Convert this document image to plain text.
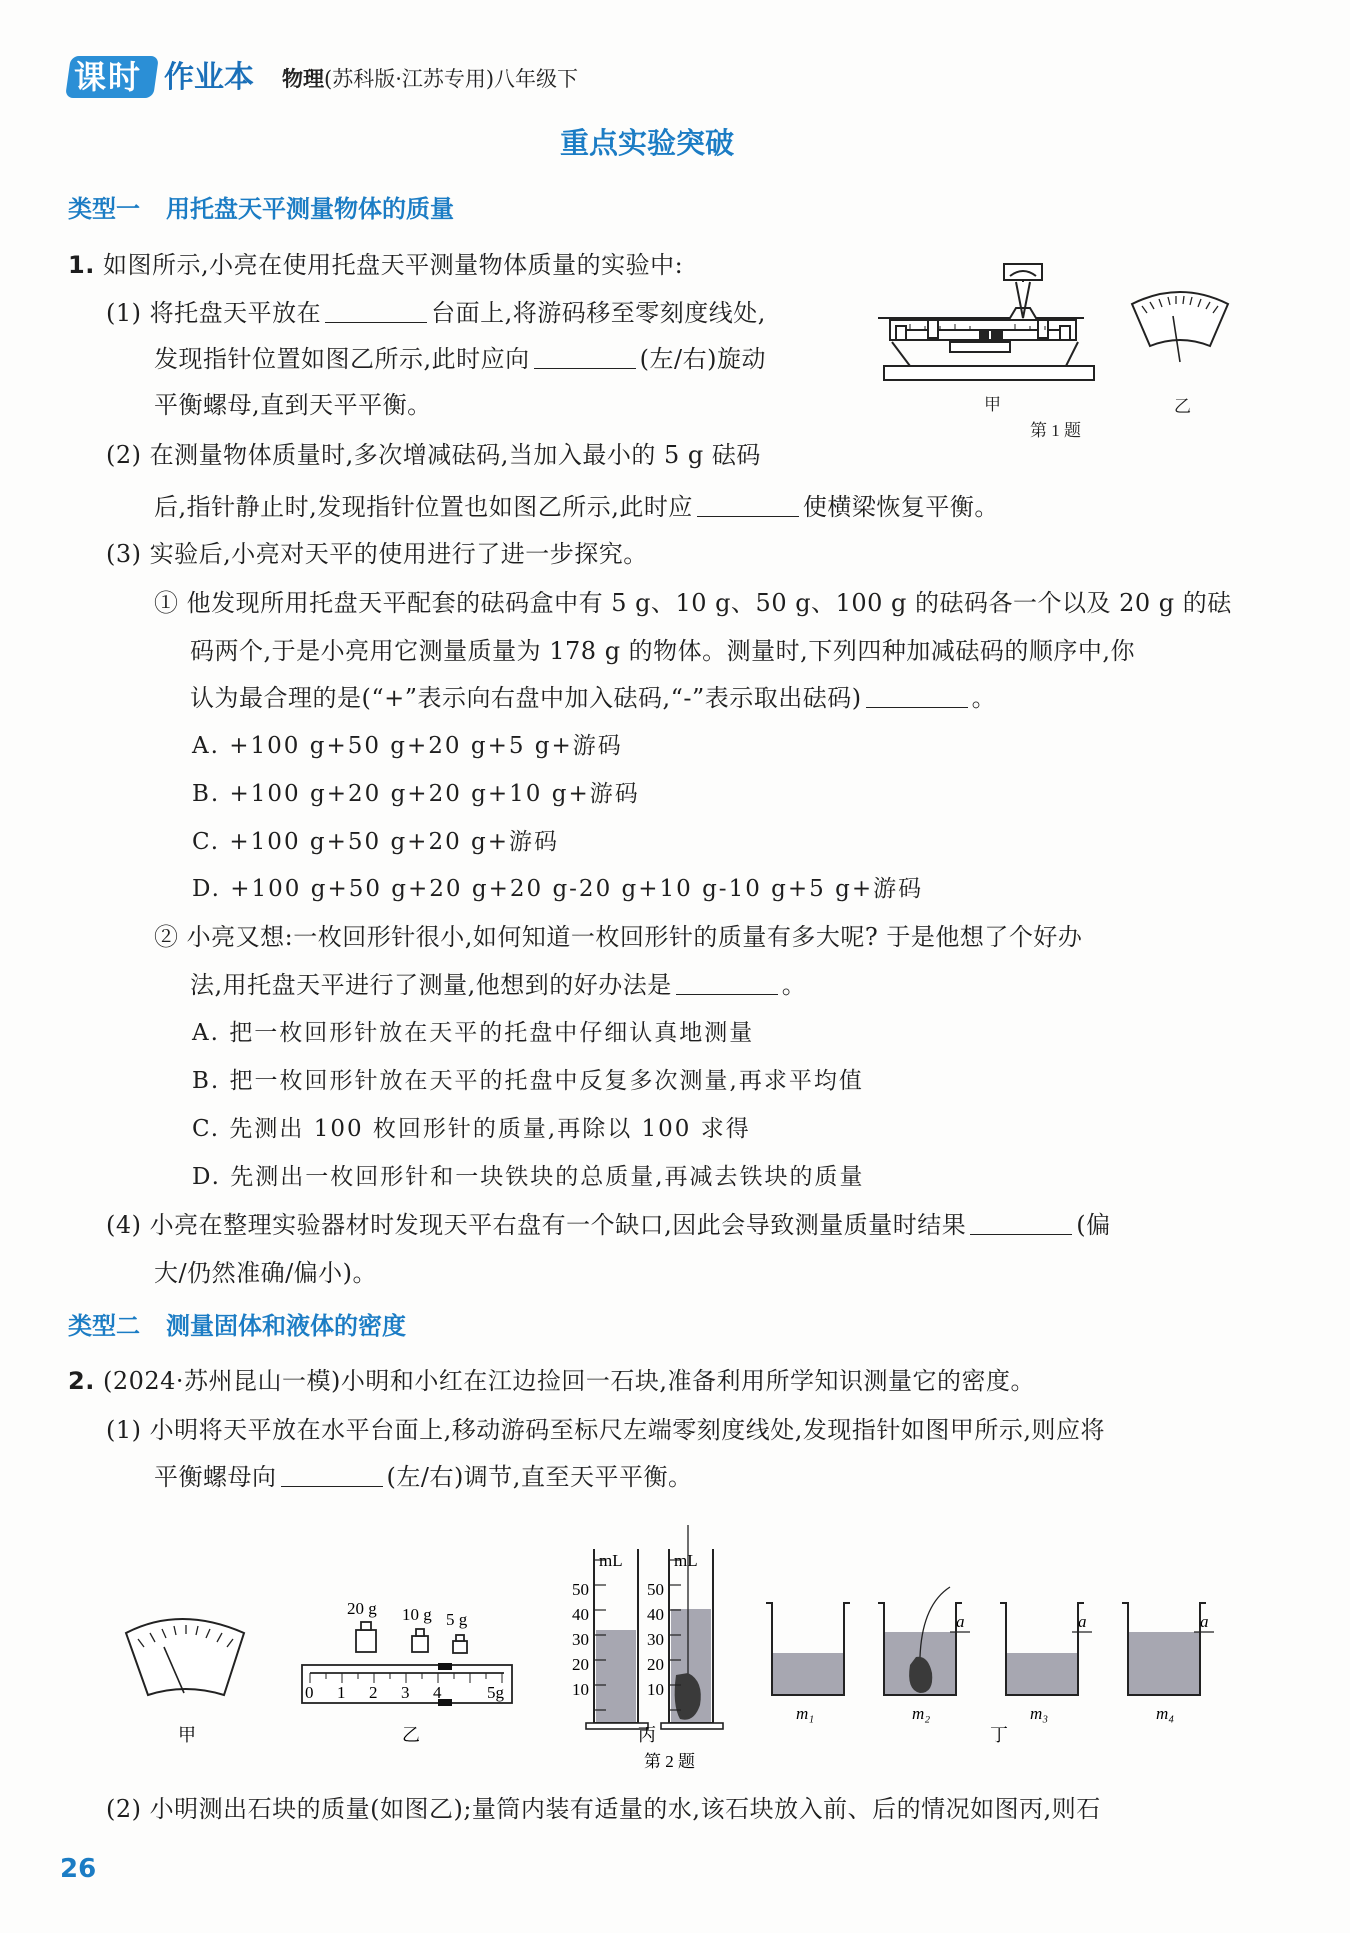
课时 作业本 物理(苏科版·江苏专用)八年级下
重点实验突破
类型一 用托盘天平测量物体的质量
1. 如图所示,小亮在使用托盘天平测量物体质量的实验中:
(1) 将托盘天平放在	台面上,将游码移至零刻度线处,
发现指针位置如图乙所示,此时应向	(左/右)旋动
平衡螺母,直到天平平衡。	甲	乙
第 1 题
(2) 在测量物体质量时,多次增减砝码,当加入最小的 5 g 砝码
后,指针静止时,发现指针位置也如图乙所示,此时应	使横梁恢复平衡。
(3) 实验后,小亮对天平的使用进行了进一步探究。
① 他发现所用托盘天平配套的砝码盒中有 5 g、10 g、50 g、100 g 的砝码各一个以及 20 g 的砝
码两个,于是小亮用它测量质量为 178 g 的物体。测量时,下列四种加减砝码的顺序中,你
认为最合理的是(“+”表示向右盘中加入砝码,“-”表示取出砝码)	。
A. +100 g+50 g+20 g+5 g+游码
B. +100 g+20 g+20 g+10 g+游码
C. +100 g+50 g+20 g+游码
D. +100 g+50 g+20 g+20 g-20 g+10 g-10 g+5 g+游码
② 小亮又想:一枚回形针很小,如何知道一枚回形针的质量有多大呢? 于是他想了个好办
法,用托盘天平进行了测量,他想到的好办法是	。
A. 把一枚回形针放在天平的托盘中仔细认真地测量
B. 把一枚回形针放在天平的托盘中反复多次测量,再求平均值
C. 先测出 100 枚回形针的质量,再除以 100 求得
D. 先测出一枚回形针和一块铁块的总质量,再减去铁块的质量
(4) 小亮在整理实验器材时发现天平右盘有一个缺口,因此会导致测量质量时结果	(偏
大/仍然准确/偏小)。
类型二 测量固体和液体的密度
2. (2024·苏州昆山一模)小明和小红在江边捡回一石块,准备利用所学知识测量它的密度。
(1) 小明将天平放在水平台面上,移动游码至标尺左端零刻度线处,发现指针如图甲所示,则应将
平衡螺母向	(左/右)调节,直至天平平衡。
20 g 10 g 5 g
0 1 2 3 4	5g
mL	mL
50
40
30
20
10
50
40
30
20
10
a	a	a
m₁	m₂	m₃	m₄
甲	乙	丙	丁
第 2 题
(2) 小明测出石块的质量(如图乙);量筒内装有适量的水,该石块放入前、后的情况如图丙,则石
26
